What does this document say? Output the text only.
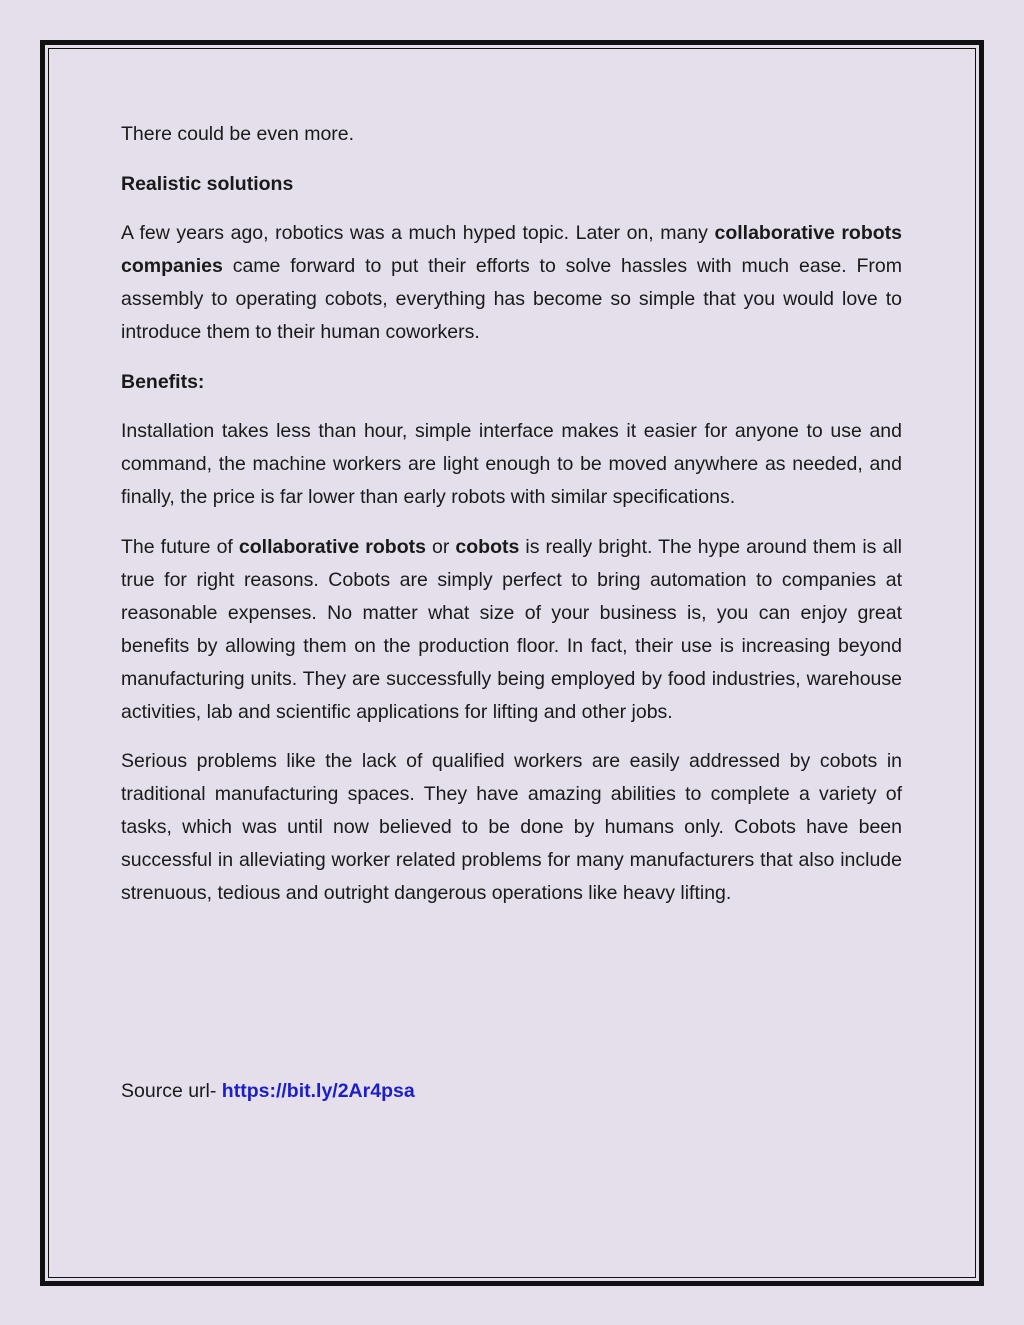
There could be even more.

Realistic solutions

A few years ago, robotics was a much hyped topic. Later on, many collaborative robots companies came forward to put their efforts to solve hassles with much ease. From assembly to operating cobots, everything has become so simple that you would love to introduce them to their human coworkers.

Benefits:

Installation takes less than hour, simple interface makes it easier for anyone to use and command, the machine workers are light enough to be moved anywhere as needed, and finally, the price is far lower than early robots with similar specifications.

The future of collaborative robots or cobots is really bright. The hype around them is all true for right reasons. Cobots are simply perfect to bring automation to companies at reasonable expenses. No matter what size of your business is, you can enjoy great benefits by allowing them on the production floor. In fact, their use is increasing beyond manufacturing units. They are successfully being employed by food industries, warehouse activities, lab and scientific applications for lifting and other jobs.

Serious problems like the lack of qualified workers are easily addressed by cobots in traditional manufacturing spaces. They have amazing abilities to complete a variety of tasks, which was until now believed to be done by humans only. Cobots have been successful in alleviating worker related problems for many manufacturers that also include strenuous, tedious and outright dangerous operations like heavy lifting.

Source url- https://bit.ly/2Ar4psa
